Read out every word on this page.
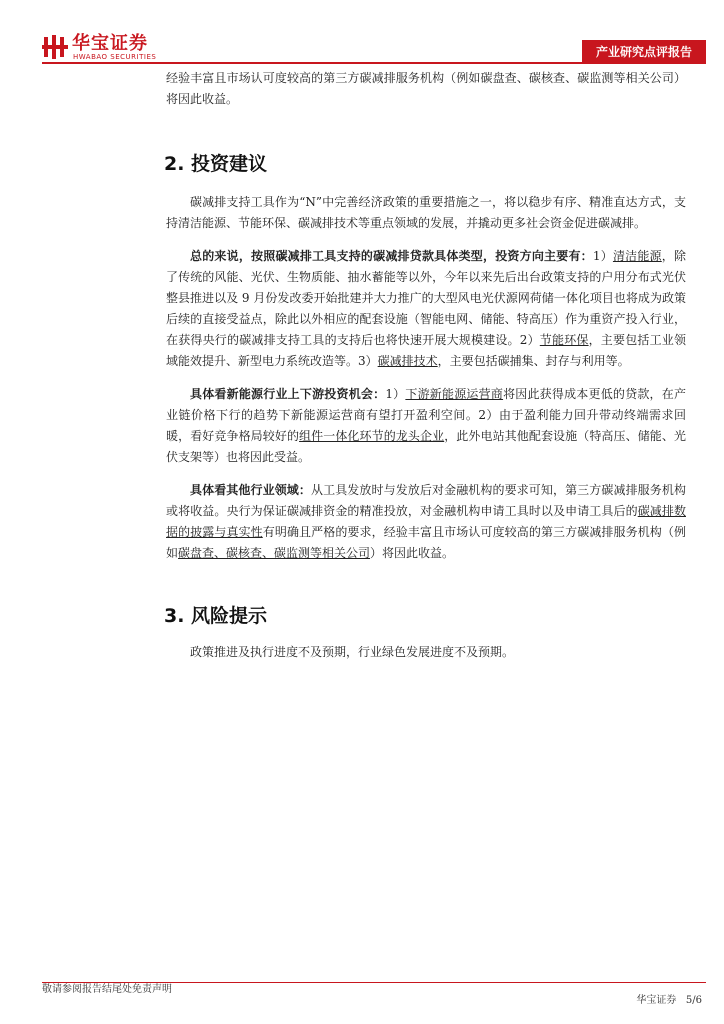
华宝证券
HWABAO SECURITIES	产业研究点评报告

经验丰富且市场认可度较高的第三方碳减排服务机构（例如碳盘查、碳核查、碳监测等相关公司）将因此收益。

2. 投资建议

碳减排支持工具作为“N”中完善经济政策的重要措施之一，将以稳步有序、精准直达方式，支持清洁能源、节能环保、碳减排技术等重点领域的发展，并撬动更多社会资金促进碳减排。

总的来说，按照碳减排工具支持的碳减排贷款具体类型，投资方向主要有：1）清洁能源，除了传统的风能、光伏、生物质能、抽水蓄能等以外，今年以来先后出台政策支持的户用分布式光伏整县推进以及 9 月份发改委开始批建并大力推广的大型风电光伏源网荷储一体化项目也将成为政策后续的直接受益点，除此以外相应的配套设施（智能电网、储能、特高压）作为重资产投入行业，在获得央行的碳减排支持工具的支持后也将快速开展大规模建设。2）节能环保，主要包括工业领域能效提升、新型电力系统改造等。3）碳减排技术，主要包括碳捕集、封存与利用等。

具体看新能源行业上下游投资机会：1）下游新能源运营商将因此获得成本更低的贷款，在产业链价格下行的趋势下新能源运营商有望打开盈利空间。2）由于盈利能力回升带动终端需求回暖，看好竞争格局较好的组件一体化环节的龙头企业，此外电站其他配套设施（特高压、储能、光伏支架等）也将因此受益。

具体看其他行业领域：从工具发放时与发放后对金融机构的要求可知，第三方碳减排服务机构或将收益。央行为保证碳减排资金的精准投放，对金融机构申请工具时以及申请工具后的碳减排数据的披露与真实性有明确且严格的要求，经验丰富且市场认可度较高的第三方碳减排服务机构（例如碳盘查、碳核查、碳监测等相关公司）将因此收益。

3. 风险提示

政策推进及执行进度不及预期，行业绿色发展进度不及预期。

敬请参阅报告结尾处免责声明
华宝证券 5/6
